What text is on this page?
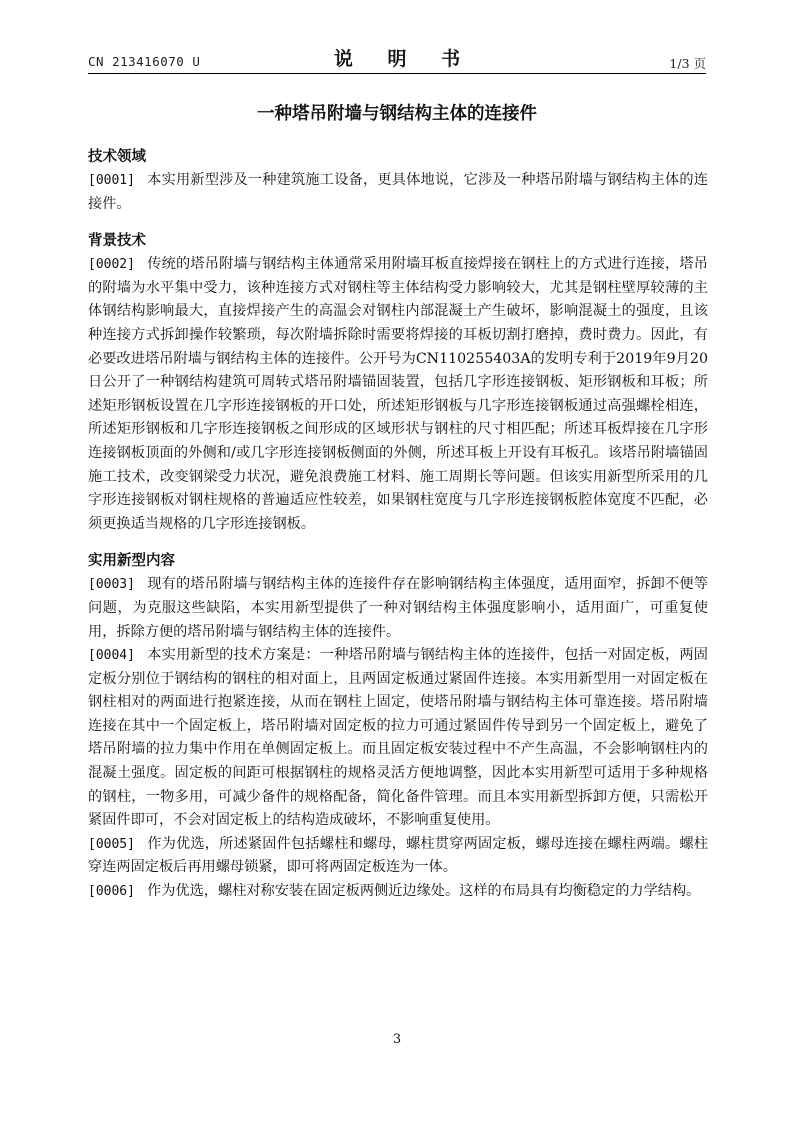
CN 213416070 U	说 明 书	1/3 页
一种塔吊附墙与钢结构主体的连接件

技术领域

[0001] 本实用新型涉及一种建筑施工设备，更具体地说，它涉及一种塔吊附墙与钢结构主体的连接件。

背景技术

[0002] 传统的塔吊附墙与钢结构主体通常采用附墙耳板直接焊接在钢柱上的方式进行连接，塔吊的附墙为水平集中受力，该种连接方式对钢柱等主体结构受力影响较大，尤其是钢柱壁厚较薄的主体钢结构影响最大，直接焊接产生的高温会对钢柱内部混凝土产生破坏，影响混凝土的强度，且该种连接方式拆卸操作较繁琐，每次附墙拆除时需要将焊接的耳板切割打磨掉，费时费力。因此，有必要改进塔吊附墙与钢结构主体的连接件。公开号为CN110255403A的发明专利于2019年9月20日公开了一种钢结构建筑可周转式塔吊附墙锚固装置，包括几字形连接钢板、矩形钢板和耳板；所述矩形钢板设置在几字形连接钢板的开口处，所述矩形钢板与几字形连接钢板通过高强螺栓相连，所述矩形钢板和几字形连接钢板之间形成的区域形状与钢柱的尺寸相匹配；所述耳板焊接在几字形连接钢板顶面的外侧和/或几字形连接钢板侧面的外侧，所述耳板上开设有耳板孔。该塔吊附墙锚固施工技术，改变钢梁受力状况，避免浪费施工材料、施工周期长等问题。但该实用新型所采用的几字形连接钢板对钢柱规格的普遍适应性较差，如果钢柱宽度与几字形连接钢板腔体宽度不匹配，必须更换适当规格的几字形连接钢板。

实用新型内容

[0003] 现有的塔吊附墙与钢结构主体的连接件存在影响钢结构主体强度，适用面窄，拆卸不便等问题，为克服这些缺陷，本实用新型提供了一种对钢结构主体强度影响小，适用面广，可重复使用，拆除方便的塔吊附墙与钢结构主体的连接件。

[0004] 本实用新型的技术方案是：一种塔吊附墙与钢结构主体的连接件，包括一对固定板，两固定板分别位于钢结构的钢柱的相对面上，且两固定板通过紧固件连接。本实用新型用一对固定板在钢柱相对的两面进行抱紧连接，从而在钢柱上固定，使塔吊附墙与钢结构主体可靠连接。塔吊附墙连接在其中一个固定板上，塔吊附墙对固定板的拉力可通过紧固件传导到另一个固定板上，避免了塔吊附墙的拉力集中作用在单侧固定板上。而且固定板安装过程中不产生高温，不会影响钢柱内的混凝土强度。固定板的间距可根据钢柱的规格灵活方便地调整，因此本实用新型可适用于多种规格的钢柱，一物多用，可减少备件的规格配备，简化备件管理。而且本实用新型拆卸方便，只需松开紧固件即可，不会对固定板上的结构造成破坏，不影响重复使用。

[0005] 作为优选，所述紧固件包括螺柱和螺母，螺柱贯穿两固定板，螺母连接在螺柱两端。螺柱穿连两固定板后再用螺母锁紧，即可将两固定板连为一体。

[0006] 作为优选，螺柱对称安装在固定板两侧近边缘处。这样的布局具有均衡稳定的力学结构。

3
